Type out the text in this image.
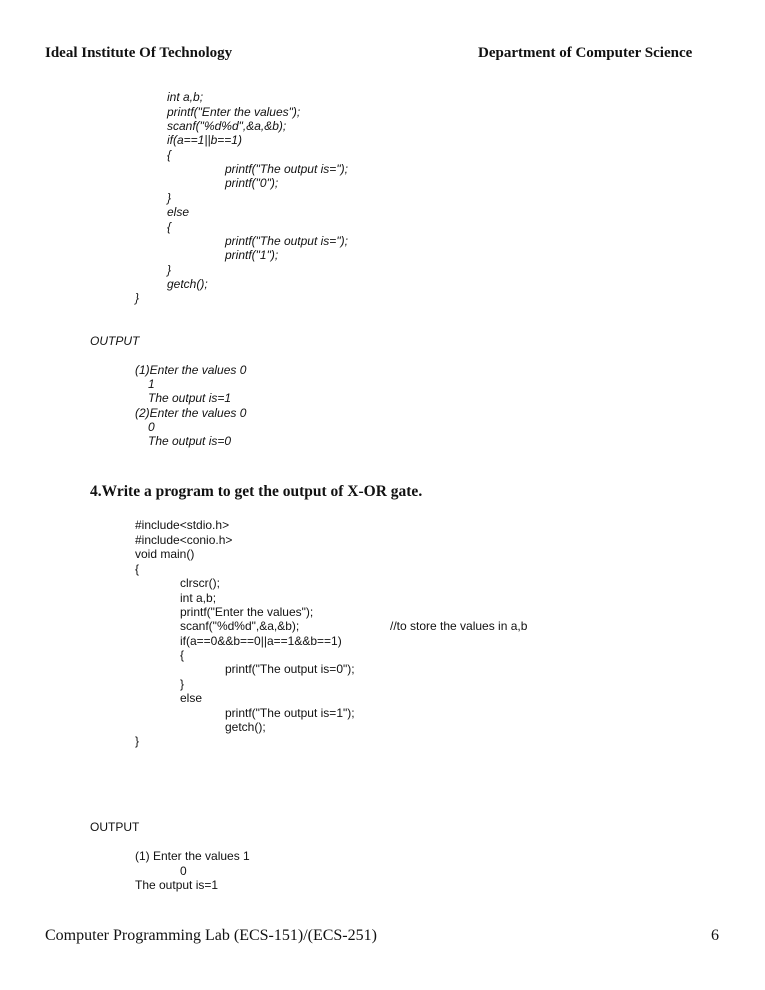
Ideal Institute Of Technology	Department of Computer Science
int a,b;
printf("Enter the values");
scanf("%d%d",&a,&b);
if(a==1||b==1)
{
printf("The output is=");
printf("0");
}
else
{
printf("The output is=");
printf("1");
}
getch();
}
OUTPUT
(1)Enter the values 0
1
The output is=1
(2)Enter the values 0
0
The output is=0
4.Write a program to get the output of X-OR gate.
#include<stdio.h>
#include<conio.h>
void main()
{
clrscr();
int a,b;
printf("Enter the values");
scanf("%d%d",&a,&b);	//to store the values in a,b
if(a==0&&b==0||a==1&&b==1)
{
printf("The output is=0");
}
else
printf("The output is=1");
getch();
}
OUTPUT
(1) Enter the values 1
0
The output is=1
Computer Programming Lab (ECS-151)/(ECS-251)	6
